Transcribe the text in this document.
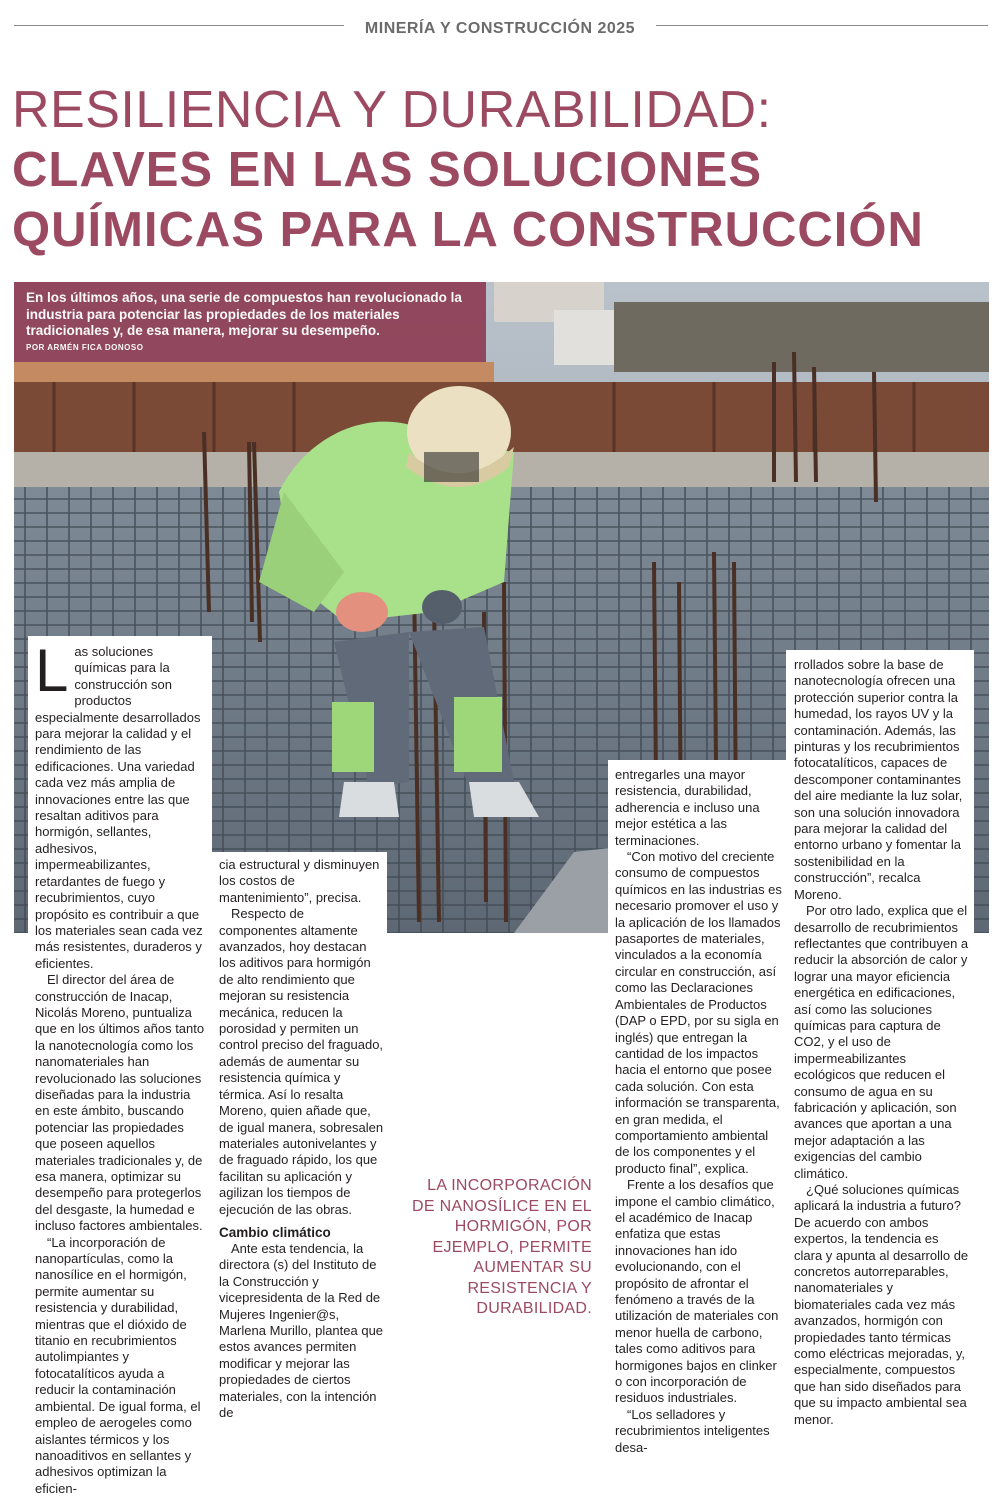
MINERÍA Y CONSTRUCCIÓN 2025
RESILIENCIA Y DURABILIDAD:
CLAVES EN LAS SOLUCIONES
QUÍMICAS PARA LA CONSTRUCCIÓN

En los últimos años, una serie de compuestos han revolucionado la industria para potenciar las propiedades de los materiales tradicionales y, de esa manera, mejorar su desempeño.

POR ARMÉN FICA DONOSO

Las soluciones químicas para la construcción son productos especialmente desarrollados para mejorar la calidad y el rendimiento de las edificaciones. Una variedad cada vez más amplia de innovaciones entre las que resaltan aditivos para hormigón, sellantes, adhesivos, impermeabilizantes, retardantes de fuego y recubrimientos, cuyo propósito es contribuir a que los materiales sean cada vez más resistentes, duraderos y eficientes.

El director del área de construcción de Inacap, Nicolás Moreno, puntualiza que en los últimos años tanto la nanotecnología como los nanomateriales han revolucionado las soluciones diseñadas para la industria en este ámbito, buscando potenciar las propiedades que poseen aquellos materiales tradicionales y, de esa manera, optimizar su desempeño para protegerlos del desgaste, la humedad e incluso factores ambientales.

“La incorporación de nanopartículas, como la nanosílice en el hormigón, permite aumentar su resistencia y durabilidad, mientras que el dióxido de titanio en recubrimientos autolimpiantes y fotocatalíticos ayuda a reducir la contaminación ambiental. De igual forma, el empleo de aerogeles como aislantes térmicos y los nanoaditivos en sellantes y adhesivos optimizan la eficien-

cia estructural y disminuyen los costos de mantenimiento”, precisa.

Respecto de componentes altamente avanzados, hoy destacan los aditivos para hormigón de alto rendimiento que mejoran su resistencia mecánica, reducen la porosidad y permiten un control preciso del fraguado, además de aumentar su resistencia química y térmica. Así lo resalta Moreno, quien añade que, de igual manera, sobresalen materiales autonivelantes y de fraguado rápido, los que facilitan su aplicación y agilizan los tiempos de ejecución de las obras.

Cambio climático

Ante esta tendencia, la directora (s) del Instituto de la Construcción y vicepresidenta de la Red de Mujeres Ingenier@s, Marlena Murillo, plantea que estos avances permiten modificar y mejorar las propiedades de ciertos materiales, con la intención de

LA INCORPORACIÓN DE NANOSÍLICE EN EL HORMIGÓN, POR EJEMPLO, PERMITE AUMENTAR SU RESISTENCIA Y DURABILIDAD.

entregarles una mayor resistencia, durabilidad, adherencia e incluso una mejor estética a las terminaciones.

“Con motivo del creciente consumo de compuestos químicos en las industrias es necesario promover el uso y la aplicación de los llamados pasaportes de materiales, vinculados a la economía circular en construcción, así como las Declaraciones Ambientales de Productos (DAP o EPD, por su sigla en inglés) que entregan la cantidad de los impactos hacia el entorno que posee cada solución. Con esta información se transparenta, en gran medida, el comportamiento ambiental de los componentes y el producto final”, explica.

Frente a los desafíos que impone el cambio climático, el académico de Inacap enfatiza que estas innovaciones han ido evolucionando, con el propósito de afrontar el fenómeno a través de la utilización de materiales con menor huella de carbono, tales como aditivos para hormigones bajos en clinker o con incorporación de residuos industriales.

“Los selladores y recubrimientos inteligentes desa-

rrollados sobre la base de nanotecnología ofrecen una protección superior contra la humedad, los rayos UV y la contaminación. Además, las pinturas y los recubrimientos fotocatalíticos, capaces de descomponer contaminantes del aire mediante la luz solar, son una solución innovadora para mejorar la calidad del entorno urbano y fomentar la sostenibilidad en la construcción”, recalca Moreno.

Por otro lado, explica que el desarrollo de recubrimientos reflectantes que contribuyen a reducir la absorción de calor y lograr una mayor eficiencia energética en edificaciones, así como las soluciones químicas para captura de CO2, y el uso de impermeabilizantes ecológicos que reducen el consumo de agua en su fabricación y aplicación, son avances que aportan a una mejor adaptación a las exigencias del cambio climático.

¿Qué soluciones químicas aplicará la industria a futuro? De acuerdo con ambos expertos, la tendencia es clara y apunta al desarrollo de concretos autorreparables, nanomateriales y biomateriales cada vez más avanzados, hormigón con propiedades tanto térmicas como eléctricas mejoradas, y, especialmente, compuestos que han sido diseñados para que su impacto ambiental sea menor.
